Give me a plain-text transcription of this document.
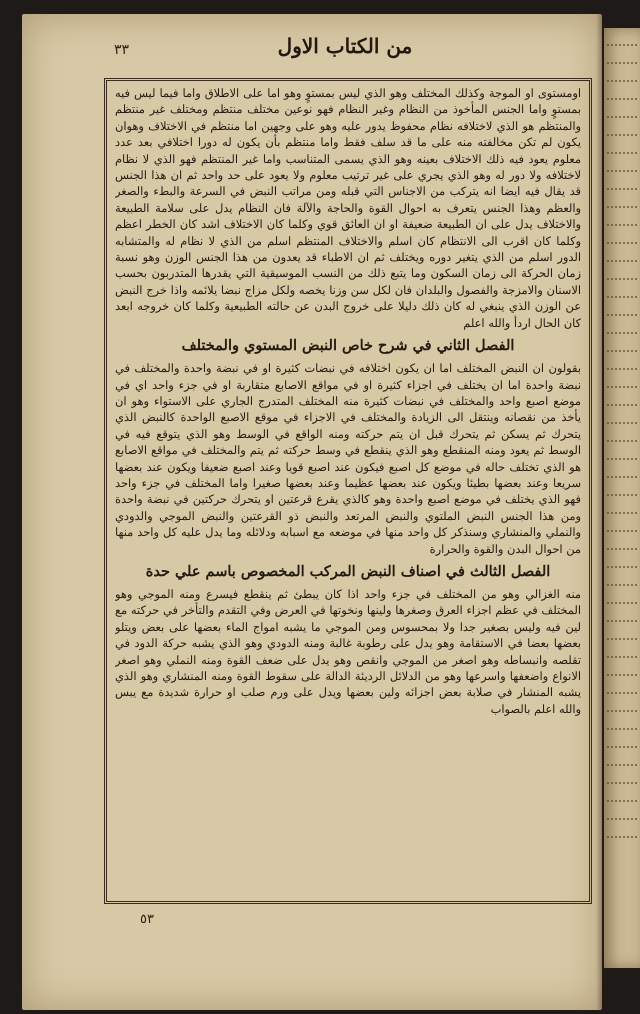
٣٣	من الكتاب الاول

اومستوى او الموجة وكذلك المختلف وهو الذي ليس بمستوٍ وهو اما على الاطلاق واما فيما ليس فيه بمستوٍ واما الجنس المأخوذ من النظام وغير النظام فهو نوعين مختلف منتظم ومختلف غير منتظم والمنتظم هو الذي لاختلافه نظام محفوظ يدور عليه وهو على وجهين اما منتظم في الاختلاف وهوان يكون لم تكن مخالفته منه على ما قد سلف فقط واما منتظم بأن يكون له دورا اختلافي بعد عدد معلوم يعود فيه ذلك الاختلاف بعينه وهو الذي يسمى المتناسب واما غير المنتظم فهو الذي لا نظام لاختلافه ولا دور له وهو الذي يجري على غير ترتيب معلوم ولا يعود على حد واحد ثم ان هذا الجنس قد يقال فيه ايضا انه يتركب من الاجناس التي قبله ومن مراتب النبض في السرعة والبطء والصغر والعظم وهذا الجنس يتعرف به احوال القوة والحاجة والآلة فان النظام يدل على سلامة الطبيعة والاختلاف يدل على ان الطبيعة ضعيفة او ان العائق قوي وكلما كان الاختلاف اشد كان الخطر اعظم وكلما كان اقرب الى الانتظام كان اسلم والاختلاف المنتظم اسلم من الذي لا نظام له والمتشابه الدور اسلم من الذي يتغير دوره ويختلف ثم ان الاطباء قد يعدون من هذا الجنس الوزن وهو نسبة زمان الحركة الى زمان السكون وما يتبع ذلك من النسب الموسيقية التي يقدرها المتدربون بحسب الاسنان والامزجة والفصول والبلدان فان لكل سن وزنا يخصه ولكل مزاج نبضا يلائمه واذا خرج النبض عن الوزن الذي ينبغي له كان ذلك دليلا على خروج البدن عن حالته الطبيعية وكلما كان خروجه ابعد كان الحال اردأ والله اعلم

الفصل الثاني في شرح خاص النبض المستوي والمختلف

بقولون ان النبض المختلف اما ان يكون اختلافه في نبضات كثيرة او في نبضة واحدة والمختلف في نبضة واحدة اما ان يختلف في اجزاء كثيرة او في مواقع الاصابع متقاربة او في جزء واحد اي في موضع اصبع واحد والمختلف في نبضات كثيرة منه المختلف المتدرج الجاري على الاستواء وهو ان يأخذ من نقصانه وينتقل الى الزيادة والمختلف في الاجزاء في موقع الاصبع الواحدة كالنبض الذي يتحرك ثم يسكن ثم يتحرك قبل ان يتم حركته ومنه الواقع في الوسط وهو الذي يتوقع فيه في الوسط ثم يعود ومنه المنقطع وهو الذي ينقطع في وسط حركته ثم يتم والمختلف في مواقع الاصابع هو الذي تختلف حاله في موضع كل اصبع فيكون عند اصبع قويا وعند اصبع ضعيفا ويكون عند بعضها سريعا وعند بعضها بطيئا ويكون عند بعضها عظيما وعند بعضها صغيرا واما المختلف في جزء واحد فهو الذي يختلف في موضع اصبع واحدة وهو كالذي يقرع قرعتين او يتحرك حركتين في نبضة واحدة ومن هذا الجنس النبض الملتوي والنبض المرتعد والنبض ذو القرعتين والنبض الموجي والدودي والنملي والمنشاري وسنذكر كل واحد منها في موضعه مع اسبابه ودلائله وما يدل عليه كل واحد منها من احوال البدن والقوة والحرارة

الفصل الثالث في اصناف النبض المركب المخصوص باسم علي حدة

منه الغزالي وهو من المختلف في جزء واحد اذا كان يبطئ ثم ينقطع فيسرع ومنه الموجي وهو المختلف في عظم اجزاء العرق وصغرها ولينها ونخوتها في العرض وفي التقدم والتأخر في حركته مع لين فيه وليس بصغير جدا ولا بمحسوس ومن الموجي ما يشبه امواج الماء بعضها على بعض ويتلو بعضها بعضا في الاستقامة وهو يدل على رطوبة غالبة ومنه الدودي وهو الذي يشبه حركة الدود في تقلصه وانبساطه وهو اصغر من الموجي وانقص وهو يدل على ضعف القوة ومنه النملي وهو اصغر الانواع واضعفها واسرعها وهو من الدلائل الرديئة الدالة على سقوط القوة ومنه المنشاري وهو الذي يشبه المنشار في صلابة بعض اجزائه ولين بعضها ويدل على ورم صلب او حرارة شديدة مع يبس والله اعلم بالصواب

٥٣
